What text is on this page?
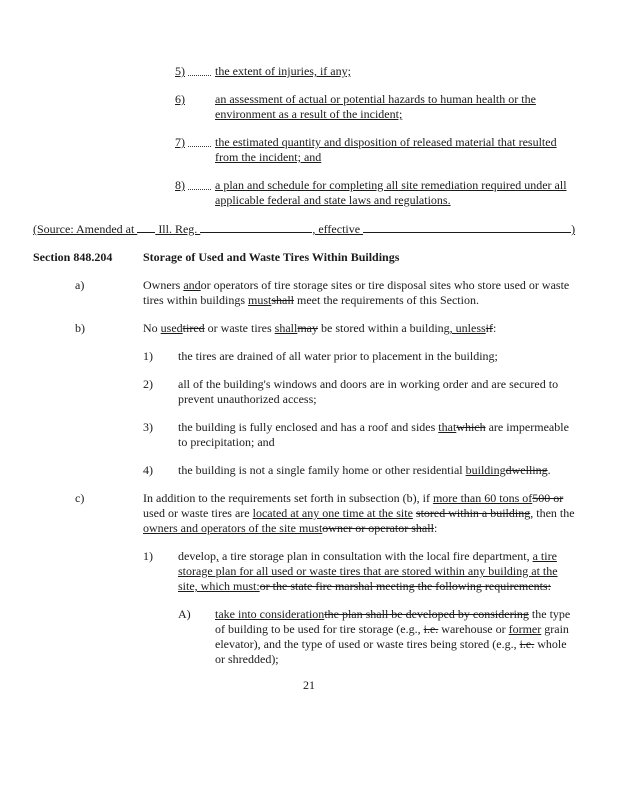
5)	the extent of injuries, if any;
6)	an assessment of actual or potential hazards to human health or the environment as a result of the incident;
7)	the estimated quantity and disposition of released material that resulted from the incident; and
8)	a plan and schedule for completing all site remediation required under all applicable federal and state laws and regulations.
(Source: Amended at  Ill. Reg.	, effective	)
Section 848.204	Storage of Used and Waste Tires Within Buildings
a)	Owners andor operators of tire storage sites or tire disposal sites who store used or waste tires within buildings mustshall meet the requirements of this Section.
b)	No usedtired or waste tires shallmay be stored within a building, unlessif:
1) the tires are drained of all water prior to placement in the building;
2) all of the building's windows and doors are in working order and are secured to prevent unauthorized access;
3) the building is fully enclosed and has a roof and sides thatwhich are impermeable to precipitation; and
4) the building is not a single family home or other residential buildingdwelling.
c)	In addition to the requirements set forth in subsection (b), if more than 60 tons of500 or used or waste tires are located at any one time at the site stored within a building, then the owners and operators of the site mustowner or operator shall:
1) develop, a tire storage plan in consultation with the local fire department, a tire storage plan for all used or waste tires that are stored within any building at the site, which must:or the state fire marshal meeting the following requirements:
A) take into considerationthe plan shall be developed by considering the type of building to be used for tire storage (e.g., i.e. warehouse or former grain elevator), and the type of used or waste tires being stored (e.g., i.e. whole or shredded);
21
